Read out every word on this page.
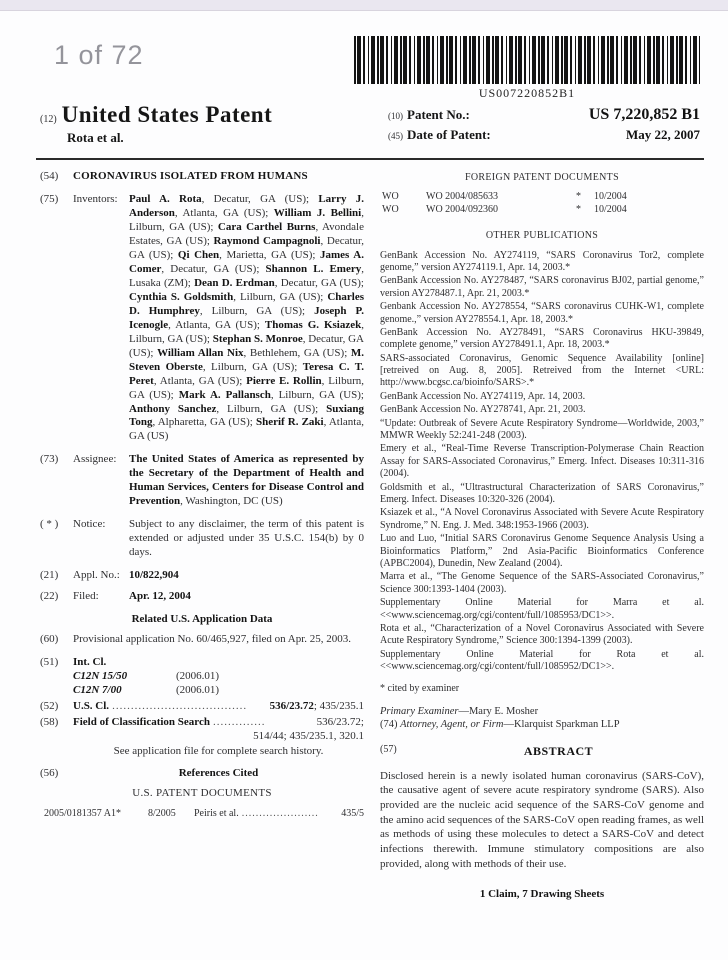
1 of 72
US007220852B1
(12) United States Patent
Rota et al.
(10) Patent No.:	US 7,220,852 B1
(45) Date of Patent:	May 22, 2007
(54)	CORONAVIRUS ISOLATED FROM HUMANS
(75)	Inventors:	Paul A. Rota, Decatur, GA (US); Larry J. Anderson, Atlanta, GA (US); William J. Bellini, Lilburn, GA (US); Cara Carthel Burns, Avondale Estates, GA (US); Raymond Campagnoli, Decatur, GA (US); Qi Chen, Marietta, GA (US); James A. Comer, Decatur, GA (US); Shannon L. Emery, Lusaka (ZM); Dean D. Erdman, Decatur, GA (US); Cynthia S. Goldsmith, Lilburn, GA (US); Charles D. Humphrey, Lilburn, GA (US); Joseph P. Icenogle, Atlanta, GA (US); Thomas G. Ksiazek, Lilburn, GA (US); Stephan S. Monroe, Decatur, GA (US); William Allan Nix, Bethlehem, GA (US); M. Steven Oberste, Lilburn, GA (US); Teresa C. T. Peret, Atlanta, GA (US); Pierre E. Rollin, Lilburn, GA (US); Mark A. Pallansch, Lilburn, GA (US); Anthony Sanchez, Lilburn, GA (US); Suxiang Tong, Alpharetta, GA (US); Sherif R. Zaki, Atlanta, GA (US)
(73)	Assignee:	The United States of America as represented by the Secretary of the Department of Health and Human Services, Centers for Disease Control and Prevention, Washington, DC (US)
( * )	Notice:	Subject to any disclaimer, the term of this patent is extended or adjusted under 35 U.S.C. 154(b) by 0 days.
(21)	Appl. No.: 10/822,904
(22)	Filed:	Apr. 12, 2004
Related U.S. Application Data
(60)	Provisional application No. 60/465,927, filed on Apr. 25, 2003.
(51)	Int. Cl.
C12N 15/50	(2006.01)
C12N 7/00	(2006.01)
(52)	U.S. Cl. ....................................	536/23.72; 435/235.1
(58)	Field of Classification Search ..............	536/23.72;
514/44; 435/235.1, 320.1
See application file for complete search history.
(56)	References Cited
U.S. PATENT DOCUMENTS
2005/0181357 A1*	8/2005	Peiris et al. ......................	435/5
FOREIGN PATENT DOCUMENTS
WO	WO 2004/085633	*	10/2004
WO	WO 2004/092360	*	10/2004
OTHER PUBLICATIONS

GenBank Accession No. AY274119, “SARS Coronavirus Tor2, complete genome,” version AY274119.1, Apr. 14, 2003.*

GenBank Accession No. AY278487, “SARS coronavirus BJ02, partial genome,” version AY278487.1, Apr. 21, 2003.*

Genbank Accession No. AY278554, “SARS coronavirus CUHK-W1, complete genome.,” version AY278554.1, Apr. 18, 2003.*

GenBank Accession No. AY278491, “SARS Coronavirus HKU-39849, complete genome,” version AY278491.1, Apr. 18, 2003.*

SARS-associated Coronavirus, Genomic Sequence Availability [online] [retreived on Aug. 8, 2005]. Retreived from the Internet <URL: http://www.bcgsc.ca/bioinfo/SARS>.*

GenBank Accession No. AY274119, Apr. 14, 2003.

GenBank Accession No. AY278741, Apr. 21, 2003.

“Update: Outbreak of Severe Acute Respiratory Syndrome—Worldwide, 2003,” MMWR Weekly 52:241-248 (2003).

Emery et al., “Real-Time Reverse Transcription-Polymerase Chain Reaction Assay for SARS-Associated Coronavirus,” Emerg. Infect. Diseases 10:311-316 (2004).

Goldsmith et al., “Ultrastructural Characterization of SARS Coronavirus,” Emerg. Infect. Diseases 10:320-326 (2004).

Ksiazek et al., “A Novel Coronavirus Associated with Severe Acute Respiratory Syndrome,” N. Eng. J. Med. 348:1953-1966 (2003).

Luo and Luo, “Initial SARS Coronavirus Genome Sequence Analysis Using a Bioinformatics Platform,” 2nd Asia-Pacific Bioinformatics Conference (APBC2004), Dunedin, New Zealand (2004).

Marra et al., “The Genome Sequence of the SARS-Associated Coronavirus,” Science 300:1393-1404 (2003).

Supplementary Online Material for Marra et al. <<www.sciencemag.org/cgi/content/full/1085953/DC1>>.

Rota et al., “Characterization of a Novel Coronavirus Associated with Severe Acute Respiratory Syndrome,” Science 300:1394-1399 (2003).

Supplementary Online Material for Rota et al. <<www.sciencemag.org/cgi/content/full/1085952/DC1>>.

* cited by examiner
Primary Examiner—Mary E. Mosher
(74) Attorney, Agent, or Firm—Klarquist Sparkman LLP
(57)	ABSTRACT
Disclosed herein is a newly isolated human coronavirus (SARS-CoV), the causative agent of severe acute respiratory syndrome (SARS). Also provided are the nucleic acid sequence of the SARS-CoV genome and the amino acid sequences of the SARS-CoV open reading frames, as well as methods of using these molecules to detect a SARS-CoV and detect infections therewith. Immune stimulatory compositions are also provided, along with methods of their use.
1 Claim, 7 Drawing Sheets
